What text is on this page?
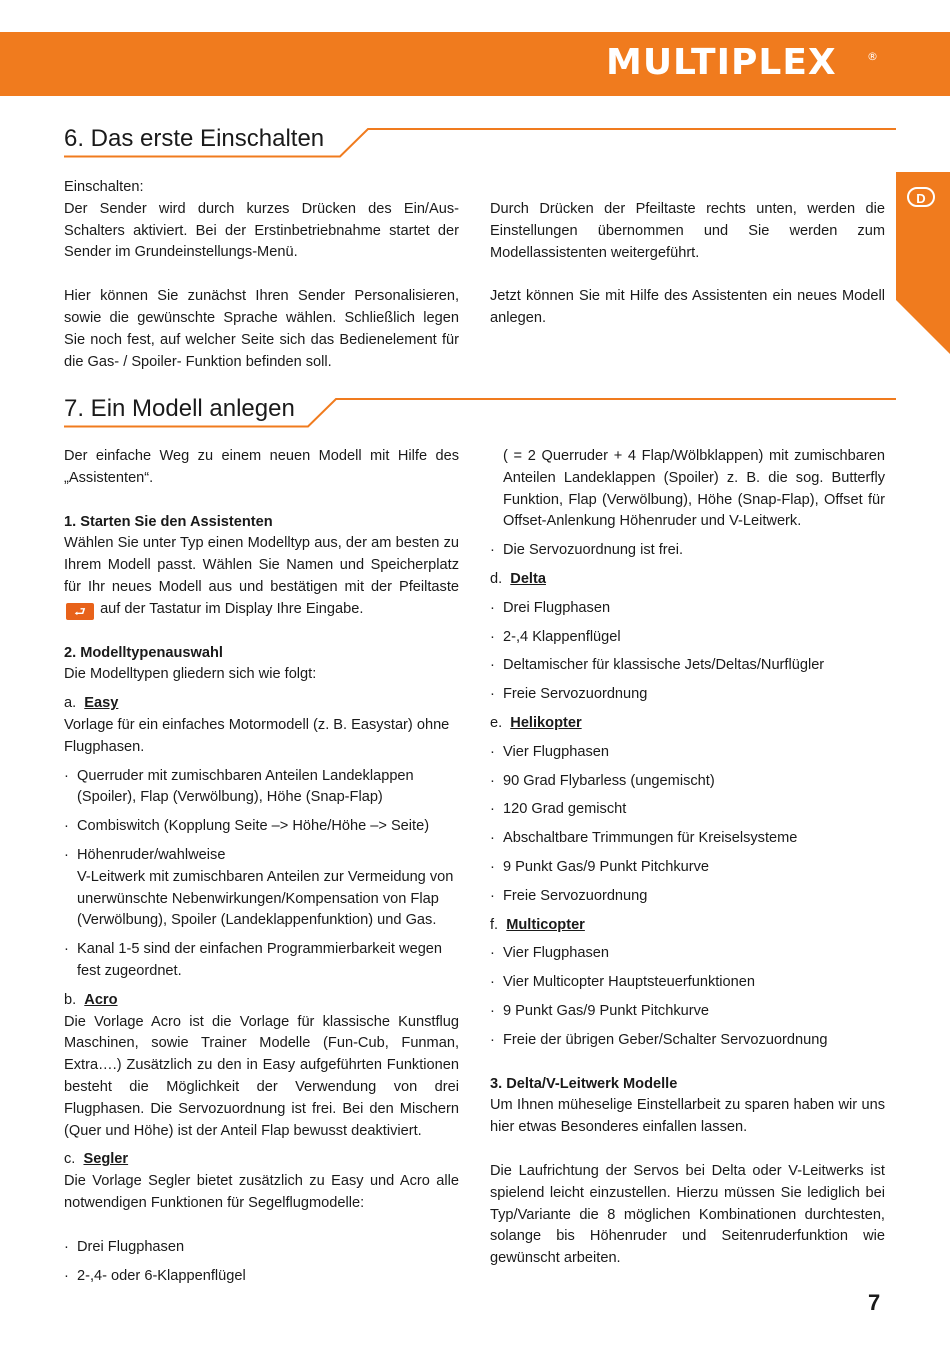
MULTIPLEX	®
D
6. Das erste Einschalten

Einschalten:

Der Sender wird durch kurzes Drücken des Ein/Aus-Schalters aktiviert. Bei der Erstinbetriebnahme startet der Sender im Grundeinstellungs-Menü.

Hier können Sie zunächst Ihren Sender Personalisieren, sowie die gewünschte Sprache wählen. Schließlich legen Sie noch fest, auf welcher Seite sich das Bedienelement für die Gas- / Spoiler- Funktion befinden soll.

Durch Drücken der Pfeiltaste rechts unten, werden die Einstellungen übernommen und Sie werden zum Modellassistenten weitergeführt.

Jetzt können Sie mit Hilfe des Assistenten ein neues Modell anlegen.

7. Ein Modell anlegen

Der einfache Weg zu einem neuen Modell mit Hilfe des „Assistenten“.

1. Starten Sie den Assistenten

Wählen Sie unter Typ einen Modelltyp aus, der am besten zu Ihrem Modell passt. Wählen Sie Namen und Speicherplatz für Ihr neues Modell aus und bestätigen mit der Pfeiltaste ⮐ auf der Tastatur im Display Ihre Eingabe.

2. Modelltypenauswahl

Die Modelltypen gliedern sich wie folgt:

a. Easy

Vorlage für ein einfaches Motormodell (z. B. Easystar) ohne Flugphasen.

· Querruder mit zumischbaren Anteilen Landeklappen (Spoiler), Flap (Verwölbung), Höhe (Snap-Flap)
· Combiswitch (Kopplung Seite –> Höhe/Höhe –> Seite)
· Höhenruder/wahlweise
V-Leitwerk mit zumischbaren Anteilen zur Vermeidung von unerwünschte Nebenwirkungen/Kompensation von Flap (Verwölbung), Spoiler (Landeklappenfunktion) und Gas.
· Kanal 1-5 sind der einfachen Programmierbarkeit wegen fest zugeordnet.

b. Acro

Die Vorlage Acro ist die Vorlage für klassische Kunstflug Maschinen, sowie Trainer Modelle (Fun-Cub, Funman, Extra….) Zusätzlich zu den in Easy aufgeführten Funktionen besteht die Möglichkeit der Verwendung von drei Flugphasen. Die Servozuordnung ist frei. Bei den Mischern (Quer und Höhe) ist der Anteil Flap bewusst deaktiviert.

c. Segler

Die Vorlage Segler bietet zusätzlich zu Easy und Acro alle notwendigen Funktionen für Segelflugmodelle:

· Drei Flugphasen
· 2-,4- oder 6-Klappenflügel

( = 2 Querruder + 4 Flap/Wölbklappen) mit zumischbaren Anteilen Landeklappen (Spoiler) z. B. die sog. Butterfly Funktion, Flap (Verwölbung), Höhe (Snap-Flap), Offset für Offset-Anlenkung Höhenruder und V-Leitwerk.

· Die Servozuordnung ist frei.

d. Delta

· Drei Flugphasen
· 2-,4 Klappenflügel
· Deltamischer für klassische Jets/Deltas/Nurflügler
· Freie Servozuordnung

e. Helikopter

· Vier Flugphasen
· 90 Grad Flybarless (ungemischt)
· 120 Grad gemischt
· Abschaltbare Trimmungen für Kreiselsysteme
· 9 Punkt Gas/9 Punkt Pitchkurve
· Freie Servozuordnung

f. Multicopter

· Vier Flugphasen
· Vier Multicopter Hauptsteuerfunktionen
· 9 Punkt Gas/9 Punkt Pitchkurve
· Freie der übrigen Geber/Schalter Servozuordnung

3. Delta/V-Leitwerk Modelle

Um Ihnen müheselige Einstellarbeit zu sparen haben wir uns hier etwas Besonderes einfallen lassen.

Die Laufrichtung der Servos bei Delta oder V-Leitwerks ist spielend leicht einzustellen. Hierzu müssen Sie lediglich bei Typ/Variante die 8 möglichen Kombinationen durchtesten, solange bis Höhenruder und Seitenruderfunktion wie gewünscht arbeiten.

7
